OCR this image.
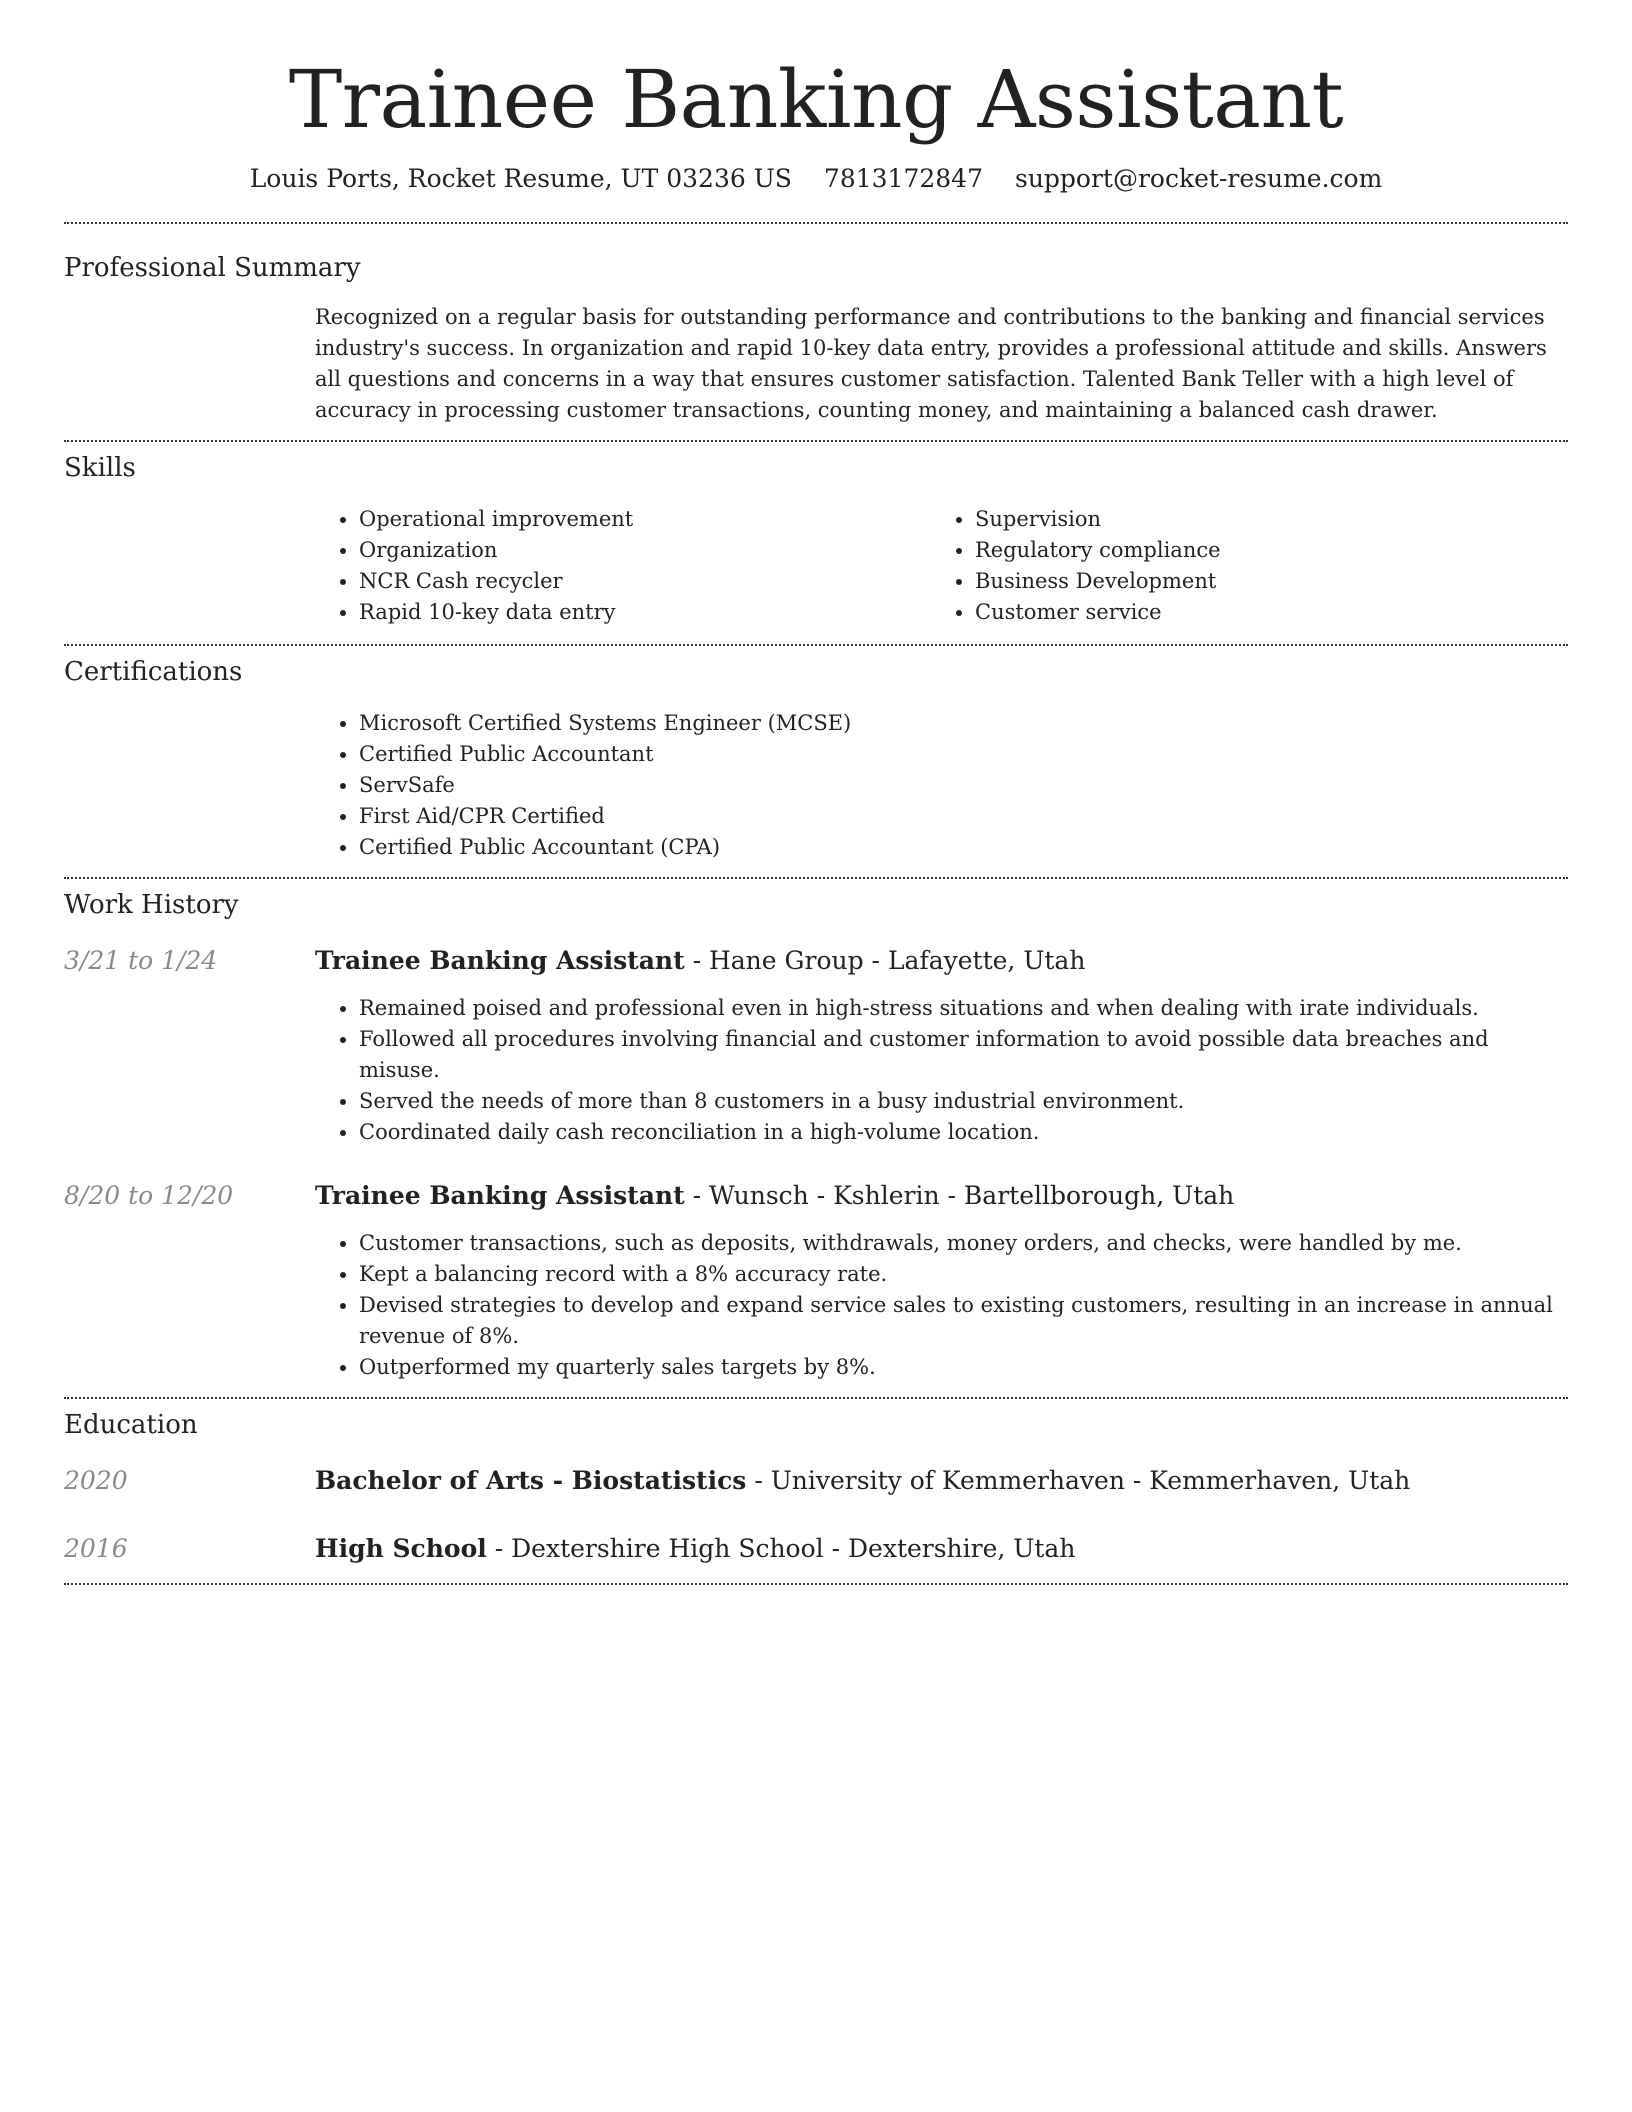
Trainee Banking Assistant
Louis Ports, Rocket Resume, UT 03236 US 7813172847 support@rocket-resume.com
Professional Summary

Recognized on a regular basis for outstanding performance and contributions to the banking and financial services industry's success. In organization and rapid 10-key data entry, provides a professional attitude and skills. Answers all questions and concerns in a way that ensures customer satisfaction. Talented Bank Teller with a high level of accuracy in processing customer transactions, counting money, and maintaining a balanced cash drawer.

Skills
• Operational improvement
• Organization
• NCR Cash recycler
• Rapid 10-key data entry
• Supervision
• Regulatory compliance
• Business Development
• Customer service
Certifications
• Microsoft Certified Systems Engineer (MCSE)
• Certified Public Accountant
• ServSafe
• First Aid/CPR Certified
• Certified Public Accountant (CPA)
Work History
3/21 to 1/24	Trainee Banking Assistant - Hane Group - Lafayette, Utah
• Remained poised and professional even in high-stress situations and when dealing with irate individuals.
• Followed all procedures involving financial and customer information to avoid possible data breaches and misuse.
• Served the needs of more than 8 customers in a busy industrial environment.
• Coordinated daily cash reconciliation in a high-volume location.
8/20 to 12/20	Trainee Banking Assistant - Wunsch - Kshlerin - Bartellborough, Utah
• Customer transactions, such as deposits, withdrawals, money orders, and checks, were handled by me.
• Kept a balancing record with a 8% accuracy rate.
• Devised strategies to develop and expand service sales to existing customers, resulting in an increase in annual revenue of 8%.
• Outperformed my quarterly sales targets by 8%.
Education
2020	Bachelor of Arts - Biostatistics - University of Kemmerhaven - Kemmerhaven, Utah
2016	High School - Dextershire High School - Dextershire, Utah
